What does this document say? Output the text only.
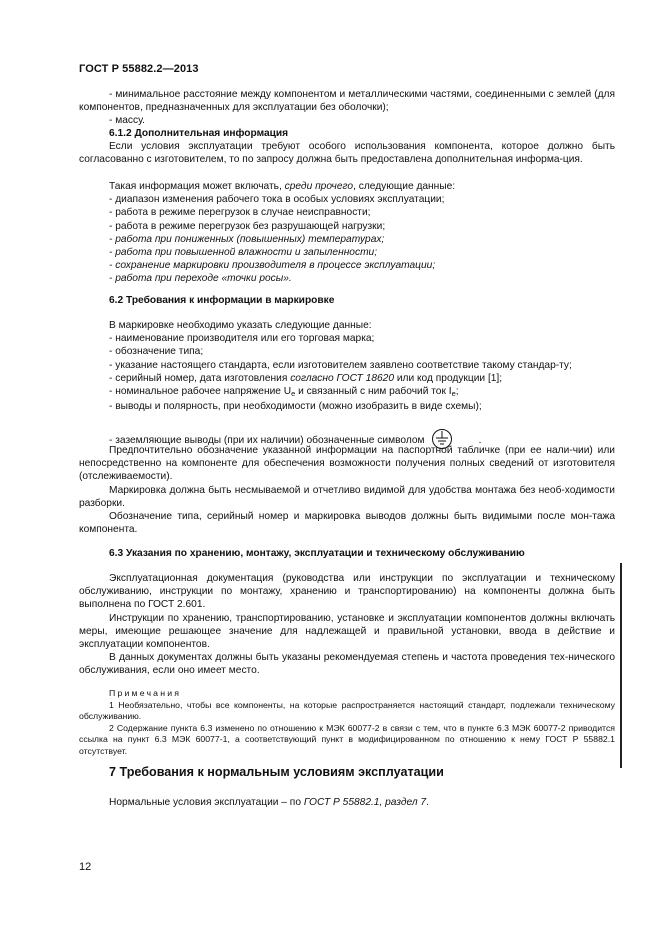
ГОСТ Р 55882.2—2013

- минимальное расстояние между компонентом и металлическими частями, соединенными с землей (для компонентов, предназначенных для эксплуатации без оболочки);

- массу.

6.1.2 Дополнительная информация

Если условия эксплуатации требуют особого использования компонента, которое должно быть согласованно с изготовителем, то по запросу должна быть предоставлена дополнительная информа-ция.

Такая информация может включать, среди прочего, следующие данные:

- диапазон изменения рабочего тока в особых условиях эксплуатации;

- работа в режиме перегрузок в случае неисправности;

- работа в режиме перегрузок без разрушающей нагрузки;

- работа при пониженных (повышенных) температурах;

- работа при повышенной влажности и запыленности;

- сохранение маркировки производителя в процессе эксплуатации;

- работа при переходе «точки росы».

6.2 Требования к информации в маркировке

В маркировке необходимо указать следующие данные:

- наименование производителя или его торговая марка;

- обозначение типа;

- указание настоящего стандарта, если изготовителем заявлено соответствие такому стандар-ту;

- серийный номер, дата изготовления согласно ГОСТ 18620 или код продукции [1];

- номинальное рабочее напряжение $U_e$ и связанный с ним рабочий ток $I_e$;

- выводы и полярность, при необходимости (можно изобразить в виде схемы);

- заземляющие выводы (при их наличии) обозначенные символом	.

Предпочтительно обозначение указанной информации на паспортной табличке (при ее нали-чии) или непосредственно на компоненте для обеспечения возможности получения полных сведений от изготовителя (отслеживаемости).

Маркировка должна быть несмываемой и отчетливо видимой для удобства монтажа без необ-ходимости разборки.

Обозначение типа, серийный номер и маркировка выводов должны быть видимыми после мон-тажа компонента.

6.3 Указания по хранению, монтажу, эксплуатации и техническому обслуживанию

Эксплуатационная документация (руководства или инструкции по эксплуатации и техническому обслуживанию, инструкции по монтажу, хранению и транспортированию) на компоненты должна быть выполнена по ГОСТ 2.601.

Инструкции по хранению, транспортированию, установке и эксплуатации компонентов должны включать меры, имеющие решающее значение для надлежащей и правильной установки, ввода в действие и эксплуатации компонентов.

В данных документах должны быть указаны рекомендуемая степень и частота проведения тех-нического обслуживания, если оно имеет место.

Примечания

1 Необязательно, чтобы все компоненты, на которые распространяется настоящий стандарт, подлежали техническому обслуживанию.

2 Содержание пункта 6.3 изменено по отношению к МЭК 60077-2 в связи с тем, что в пункте 6.3 МЭК 60077-2 приводится ссылка на пункт 6.3 МЭК 60077-1, а соответствующий пункт в модифицированном по отношению к нему ГОСТ Р 55882.1 отсутствует.

7 Требования к нормальным условиям эксплуатации

Нормальные условия эксплуатации – по ГОСТ Р 55882.1, раздел 7.

12
